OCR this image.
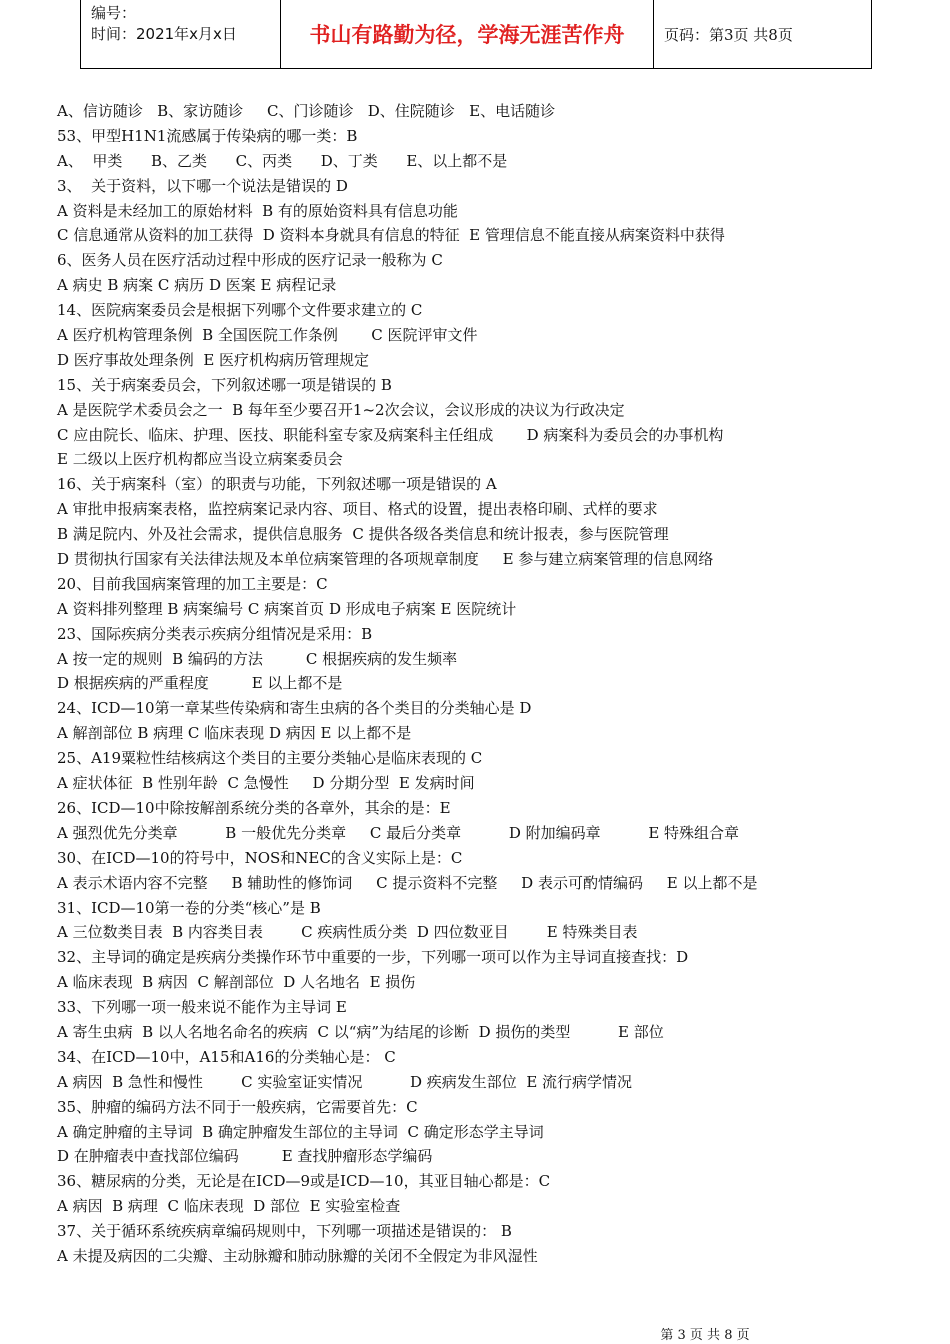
编号：
时间：2021年x月x日	书山有路勤为径，学海无涯苦作舟	页码：第3页 共8页
A、信访随诊   B、家访随诊     C、门诊随诊   D、住院随诊   E、电话随诊
53、甲型H1N1流感属于传染病的哪一类：B
A、  甲类      B、乙类      C、丙类      D、丁类      E、以上都不是
3、  关于资料，以下哪一个说法是错误的 D
A 资料是未经加工的原始材料  B 有的原始资料具有信息功能
C 信息通常从资料的加工获得  D 资料本身就具有信息的特征  E 管理信息不能直接从病案资料中获得
6、医务人员在医疗活动过程中形成的医疗记录一般称为 C
A 病史 B 病案 C 病历 D 医案 E 病程记录
14、医院病案委员会是根据下列哪个文件要求建立的 C
A 医疗机构管理条例  B 全国医院工作条例       C 医院评审文件
D 医疗事故处理条例  E 医疗机构病历管理规定
15、关于病案委员会，下列叙述哪一项是错误的 B
A 是医院学术委员会之一  B 每年至少要召开1~2次会议，会议形成的决议为行政决定
C 应由院长、临床、护理、医技、职能科室专家及病案科主任组成       D 病案科为委员会的办事机构
E 二级以上医疗机构都应当设立病案委员会
16、关于病案科（室）的职责与功能，下列叙述哪一项是错误的 A
A 审批申报病案表格，监控病案记录内容、项目、格式的设置，提出表格印刷、式样的要求
B 满足院内、外及社会需求，提供信息服务  C 提供各级各类信息和统计报表，参与医院管理
D 贯彻执行国家有关法律法规及本单位病案管理的各项规章制度     E 参与建立病案管理的信息网络
20、目前我国病案管理的加工主要是：C
A 资料排列整理 B 病案编号 C 病案首页 D 形成电子病案 E 医院统计
23、国际疾病分类表示疾病分组情况是采用：B
A 按一定的规则  B 编码的方法         C 根据疾病的发生频率
D 根据疾病的严重程度         E 以上都不是
24、ICD—10第一章某些传染病和寄生虫病的各个类目的分类轴心是 D
A 解剖部位 B 病理 C 临床表现 D 病因 E 以上都不是
25、A19粟粒性结核病这个类目的主要分类轴心是临床表现的 C
A 症状体征  B 性别年龄  C 急慢性     D 分期分型  E 发病时间
26、ICD—10中除按解剖系统分类的各章外，其余的是：E
A 强烈优先分类章          B 一般优先分类章     C 最后分类章          D 附加编码章          E 特殊组合章
30、在ICD—10的符号中，NOS和NEC的含义实际上是：C
A 表示术语内容不完整     B 辅助性的修饰词     C 提示资料不完整     D 表示可酌情编码     E 以上都不是
31、ICD—10第一卷的分类“核心”是 B
A 三位数类目表  B 内容类目表        C 疾病性质分类  D 四位数亚目        E 特殊类目表
32、主导词的确定是疾病分类操作环节中重要的一步，下列哪一项可以作为主导词直接查找：D
A 临床表现  B 病因  C 解剖部位  D 人名地名  E 损伤
33、下列哪一项一般来说不能作为主导词 E
A 寄生虫病  B 以人名地名命名的疾病  C 以“病”为结尾的诊断  D 损伤的类型          E 部位
34、在ICD—10中，A15和A16的分类轴心是： C
A 病因  B 急性和慢性        C 实验室证实情况          D 疾病发生部位  E 流行病学情况
35、肿瘤的编码方法不同于一般疾病，它需要首先：C
A 确定肿瘤的主导词  B 确定肿瘤发生部位的主导词  C 确定形态学主导词
D 在肿瘤表中查找部位编码         E 查找肿瘤形态学编码
36、糖尿病的分类，无论是在ICD—9或是ICD—10，其亚目轴心都是：C
A 病因  B 病理  C 临床表现  D 部位  E 实验室检查
37、关于循环系统疾病章编码规则中，下列哪一项描述是错误的： B
A 未提及病因的二尖瓣、主动脉瓣和肺动脉瓣的关闭不全假定为非风湿性
第 3 页 共 8 页
